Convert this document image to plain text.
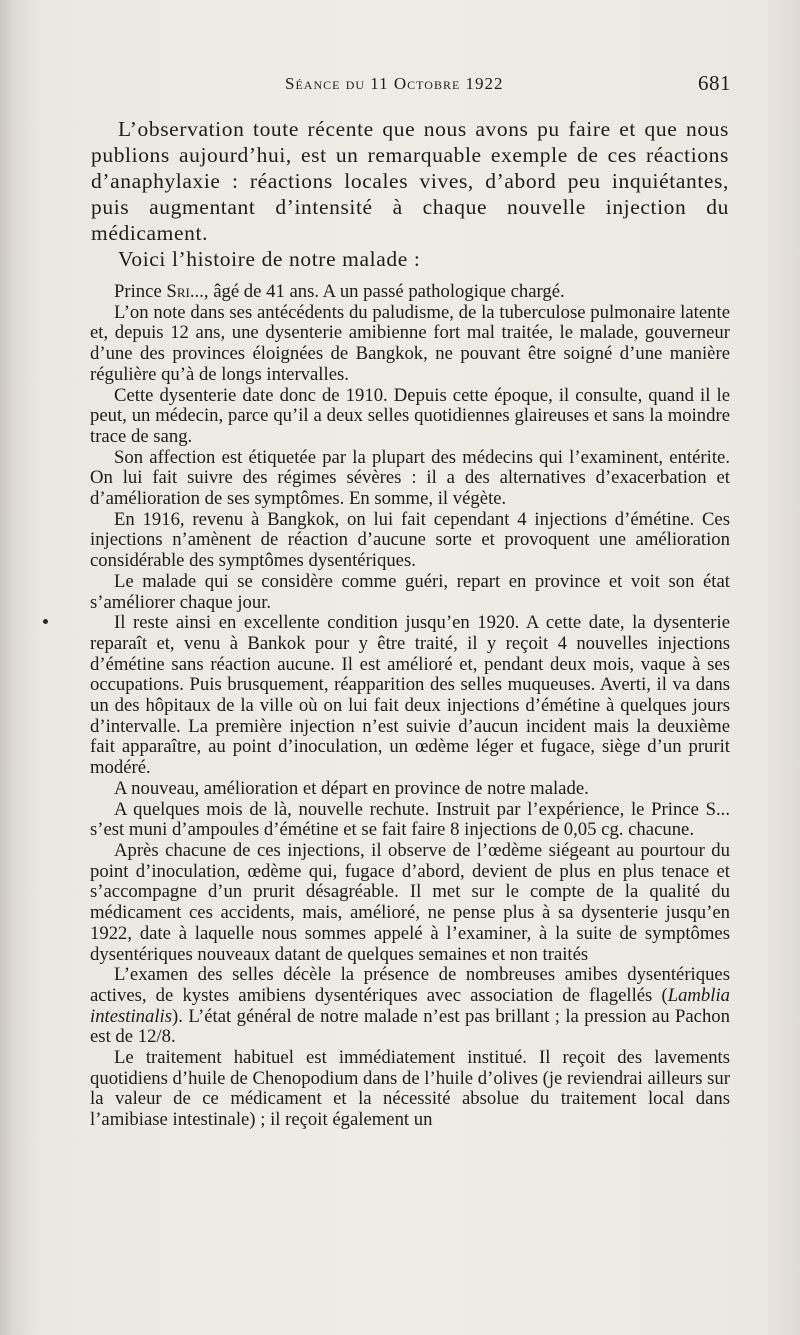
Séance du 11 Octobre 1922	681

L’observation toute récente que nous avons pu faire et que nous publions aujourd’hui, est un remarquable exemple de ces réactions d’anaphylaxie : réactions locales vives, d’abord peu inquiétantes, puis augmentant d’intensité à chaque nouvelle injection du médicament.

Voici l’histoire de notre malade :

Prince Sri..., âgé de 41 ans. A un passé pathologique chargé.

L’on note dans ses antécédents du paludisme, de la tuberculose pulmonaire latente et, depuis 12 ans, une dysenterie amibienne fort mal traitée, le malade, gouverneur d’une des provinces éloignées de Bangkok, ne pouvant être soigné d’une manière régulière qu’à de longs intervalles.

Cette dysenterie date donc de 1910. Depuis cette époque, il consulte, quand il le peut, un médecin, parce qu’il a deux selles quotidiennes glaireuses et sans la moindre trace de sang.

Son affection est étiquetée par la plupart des médecins qui l’examinent, entérite. On lui fait suivre des régimes sévères : il a des alternatives d’exacerbation et d’amélioration de ses symptômes. En somme, il végète.

En 1916, revenu à Bangkok, on lui fait cependant 4 injections d’émétine. Ces injections n’amènent de réaction d’aucune sorte et provoquent une amélioration considérable des symptômes dysentériques.

Le malade qui se considère comme guéri, repart en province et voit son état s’améliorer chaque jour.

Il reste ainsi en excellente condition jusqu’en 1920. A cette date, la dysenterie reparaît et, venu à Bankok pour y être traité, il y reçoit 4 nouvelles injections d’émétine sans réaction aucune. Il est amélioré et, pendant deux mois, vaque à ses occupations. Puis brusquement, réapparition des selles muqueuses. Averti, il va dans un des hôpitaux de la ville où on lui fait deux injections d’émétine à quelques jours d’intervalle. La première injection n’est suivie d’aucun incident mais la deuxième fait apparaître, au point d’inoculation, un œdème léger et fugace, siège d’un prurit modéré.

A nouveau, amélioration et départ en province de notre malade.

A quelques mois de là, nouvelle rechute. Instruit par l’expérience, le Prince S... s’est muni d’ampoules d’émétine et se fait faire 8 injections de 0,05 cg. chacune.

Après chacune de ces injections, il observe de l’œdème siégeant au pourtour du point d’inoculation, œdème qui, fugace d’abord, devient de plus en plus tenace et s’accompagne d’un prurit désagréable. Il met sur le compte de la qualité du médicament ces accidents, mais, amélioré, ne pense plus à sa dysenterie jusqu’en 1922, date à laquelle nous sommes appelé à l’examiner, à la suite de symptômes dysentériques nouveaux datant de quelques semaines et non traités

L’examen des selles décèle la présence de nombreuses amibes dysentériques actives, de kystes amibiens dysentériques avec association de flagellés (Lamblia intestinalis). L’état général de notre malade n’est pas brillant ; la pression au Pachon est de 12/8.

Le traitement habituel est immédiatement institué. Il reçoit des lavements quotidiens d’huile de Chenopodium dans de l’huile d’olives (je reviendrai ailleurs sur la valeur de ce médicament et la nécessité absolue du traitement local dans l’amibiase intestinale) ; il reçoit également un
